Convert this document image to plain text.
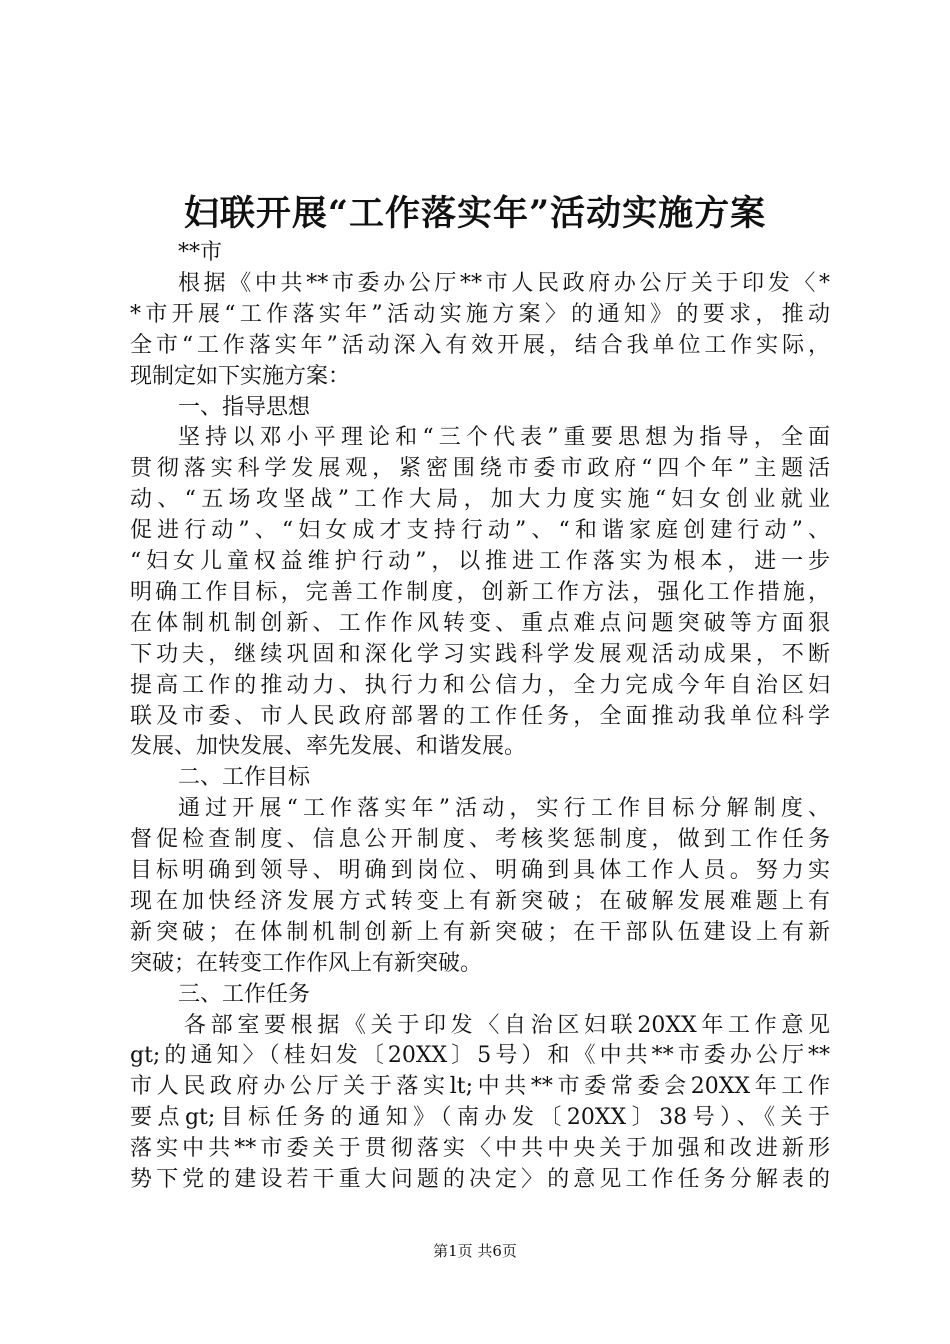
妇联开展“工作落实年”活动实施方案
**市
根据《中共**市委办公厅**市人民政府办公厅关于印发〈*
*市开展“工作落实年”活动实施方案〉的通知》的要求，推动
全市“工作落实年”活动深入有效开展，结合我单位工作实际，
现制定如下实施方案：
一、指导思想
坚持以邓小平理论和“三个代表”重要思想为指导，全面
贯彻落实科学发展观，紧密围绕市委市政府“四个年”主题活
动、“五场攻坚战”工作大局，加大力度实施“妇女创业就业
促进行动”、“妇女成才支持行动”、“和谐家庭创建行动”、
“妇女儿童权益维护行动”，以推进工作落实为根本，进一步
明确工作目标，完善工作制度，创新工作方法，强化工作措施，
在体制机制创新、工作作风转变、重点难点问题突破等方面狠
下功夫，继续巩固和深化学习实践科学发展观活动成果，不断
提高工作的推动力、执行力和公信力，全力完成今年自治区妇
联及市委、市人民政府部署的工作任务，全面推动我单位科学
发展、加快发展、率先发展、和谐发展。
二、工作目标
通过开展“工作落实年”活动，实行工作目标分解制度、
督促检查制度、信息公开制度、考核奖惩制度，做到工作任务
目标明确到领导、明确到岗位、明确到具体工作人员。努力实
现在加快经济发展方式转变上有新突破；在破解发展难题上有
新突破；在体制机制创新上有新突破；在干部队伍建设上有新
突破；在转变工作作风上有新突破。
三、工作任务
各部室要根据《关于印发〈自治区妇联20XX年工作意见
gt;的通知〉（桂妇发〔20XX〕5号）和《中共**市委办公厅**
市人民政府办公厅关于落实lt;中共**市委常委会20XX年工作
要点gt;目标任务的通知》（南办发〔20XX〕38号）、《关于
落实中共**市委关于贯彻落实〈中共中央关于加强和改进新形
势下党的建设若干重大问题的决定〉的意见工作任务分解表的
第1页 共6页
